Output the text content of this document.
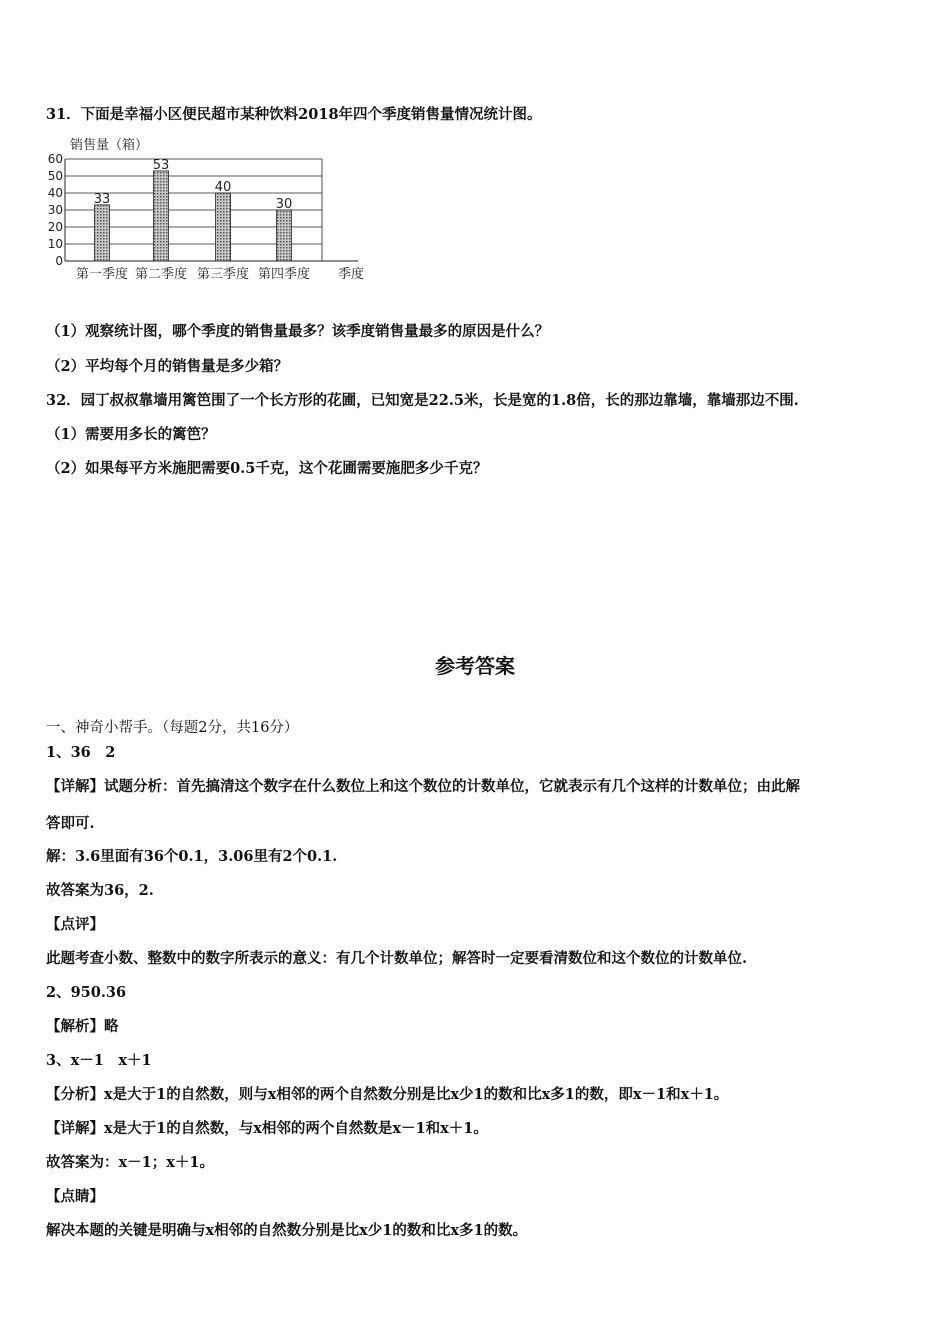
31．下面是幸福小区便民超市某种饮料2018年四个季度销售量情况统计图。
0
10
20
30
40
50
60
销售量（箱）
33
第一季度
53
第二季度
40
第三季度
30
第四季度 季度
（1）观察统计图，哪个季度的销售量最多？该季度销售量最多的原因是什么？
（2）平均每个月的销售量是多少箱？
32．园丁叔叔靠墙用篱笆围了一个长方形的花圃，已知宽是22.5米，长是宽的1.8倍，长的那边靠墙，靠墙那边不围.
（1）需要用多长的篱笆？
（2）如果每平方米施肥需要0.5千克，这个花圃需要施肥多少千克？
参考答案
一、神奇小帮手。（每题2分，共16分）
1、36　2
【详解】试题分析：首先搞清这个数字在什么数位上和这个数位的计数单位，它就表示有几个这样的计数单位；由此解
答即可.
解：3.6里面有36个0.1，3.06里有2个0.1.
故答案为36，2.
【点评】
此题考查小数、整数中的数字所表示的意义：有几个计数单位；解答时一定要看清数位和这个数位的计数单位.
2、950.36
【解析】略
3、x－1　x＋1
【分析】x是大于1的自然数，则与x相邻的两个自然数分别是比x少1的数和比x多1的数，即x－1和x＋1。
【详解】x是大于1的自然数，与x相邻的两个自然数是x－1和x＋1。
故答案为：x－1；x＋1。
【点睛】
解决本题的关键是明确与x相邻的自然数分别是比x少1的数和比x多1的数。
